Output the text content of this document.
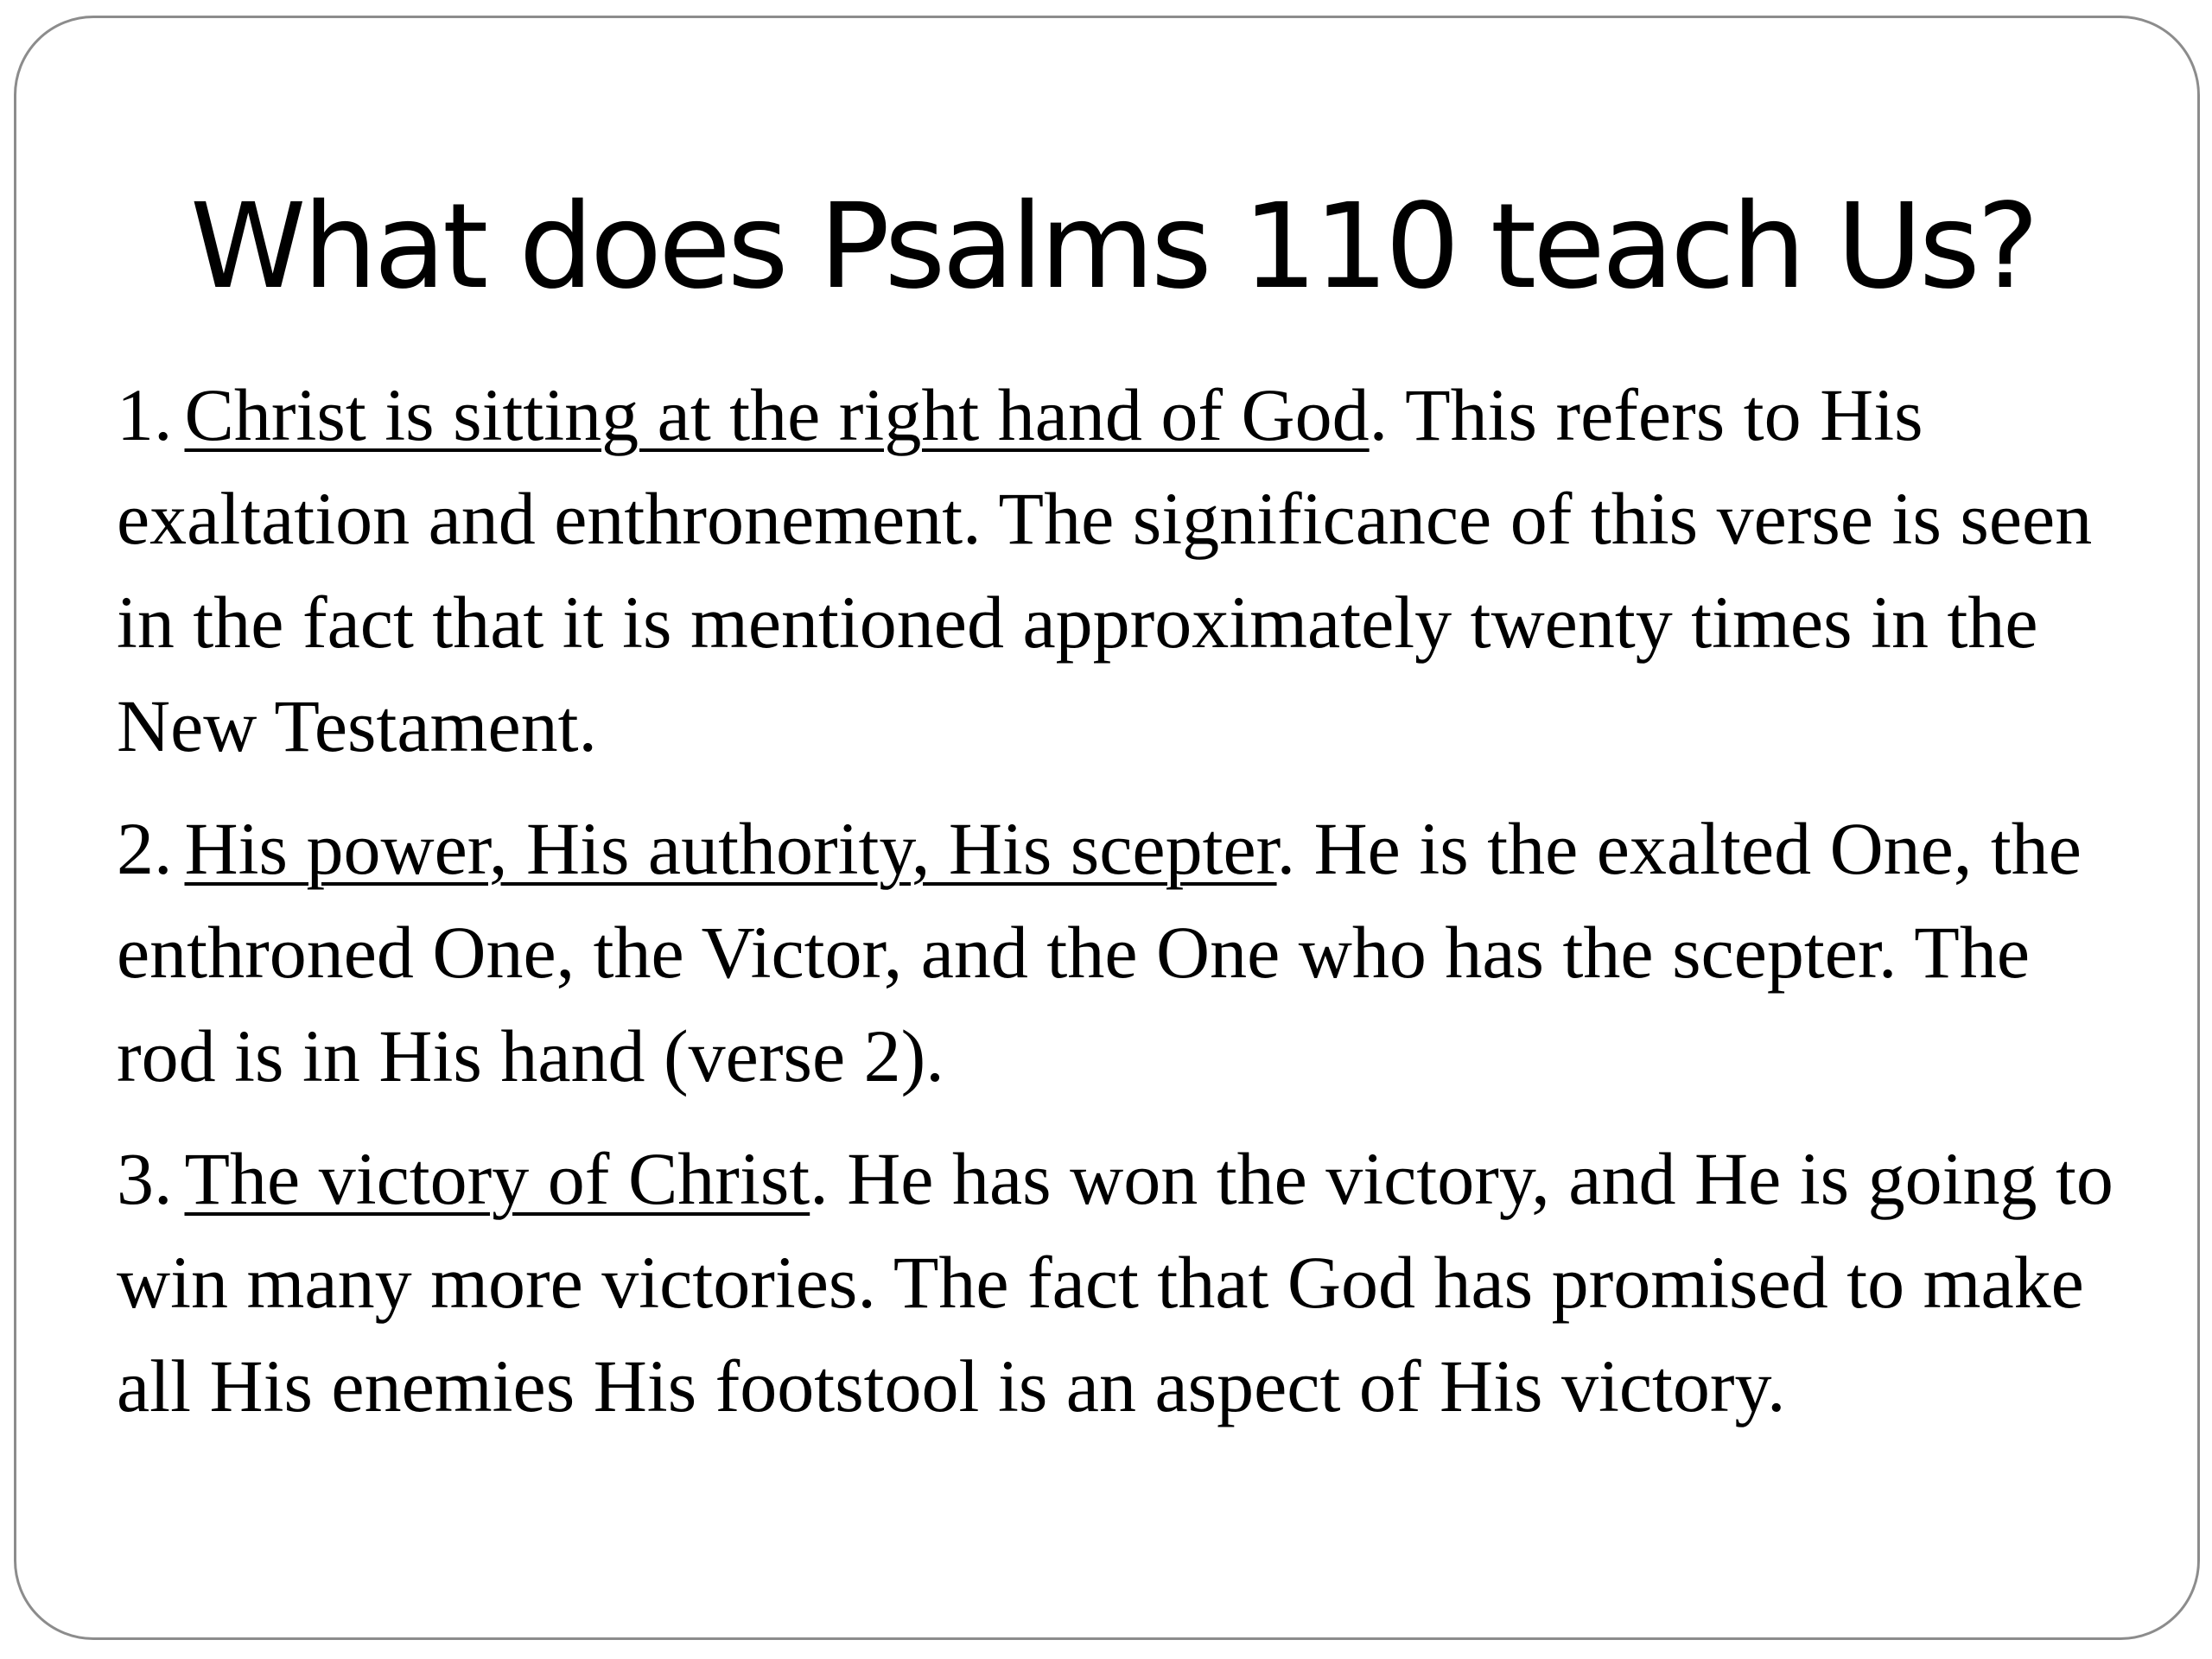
What does Psalms 110 teach Us?

1. Christ is sitting at the right hand of God. This refers to His exaltation and enthronement. The significance of this verse is seen in the fact that it is mentioned approximately twenty times in the New Testament.

2. His power, His authority, His scepter. He is the exalted One, the enthroned One, the Victor, and the One who has the scepter. The rod is in His hand (verse 2).

3. The victory of Christ. He has won the victory, and He is going to win many more victories. The fact that God has promised to make all His enemies His footstool is an aspect of His victory.
